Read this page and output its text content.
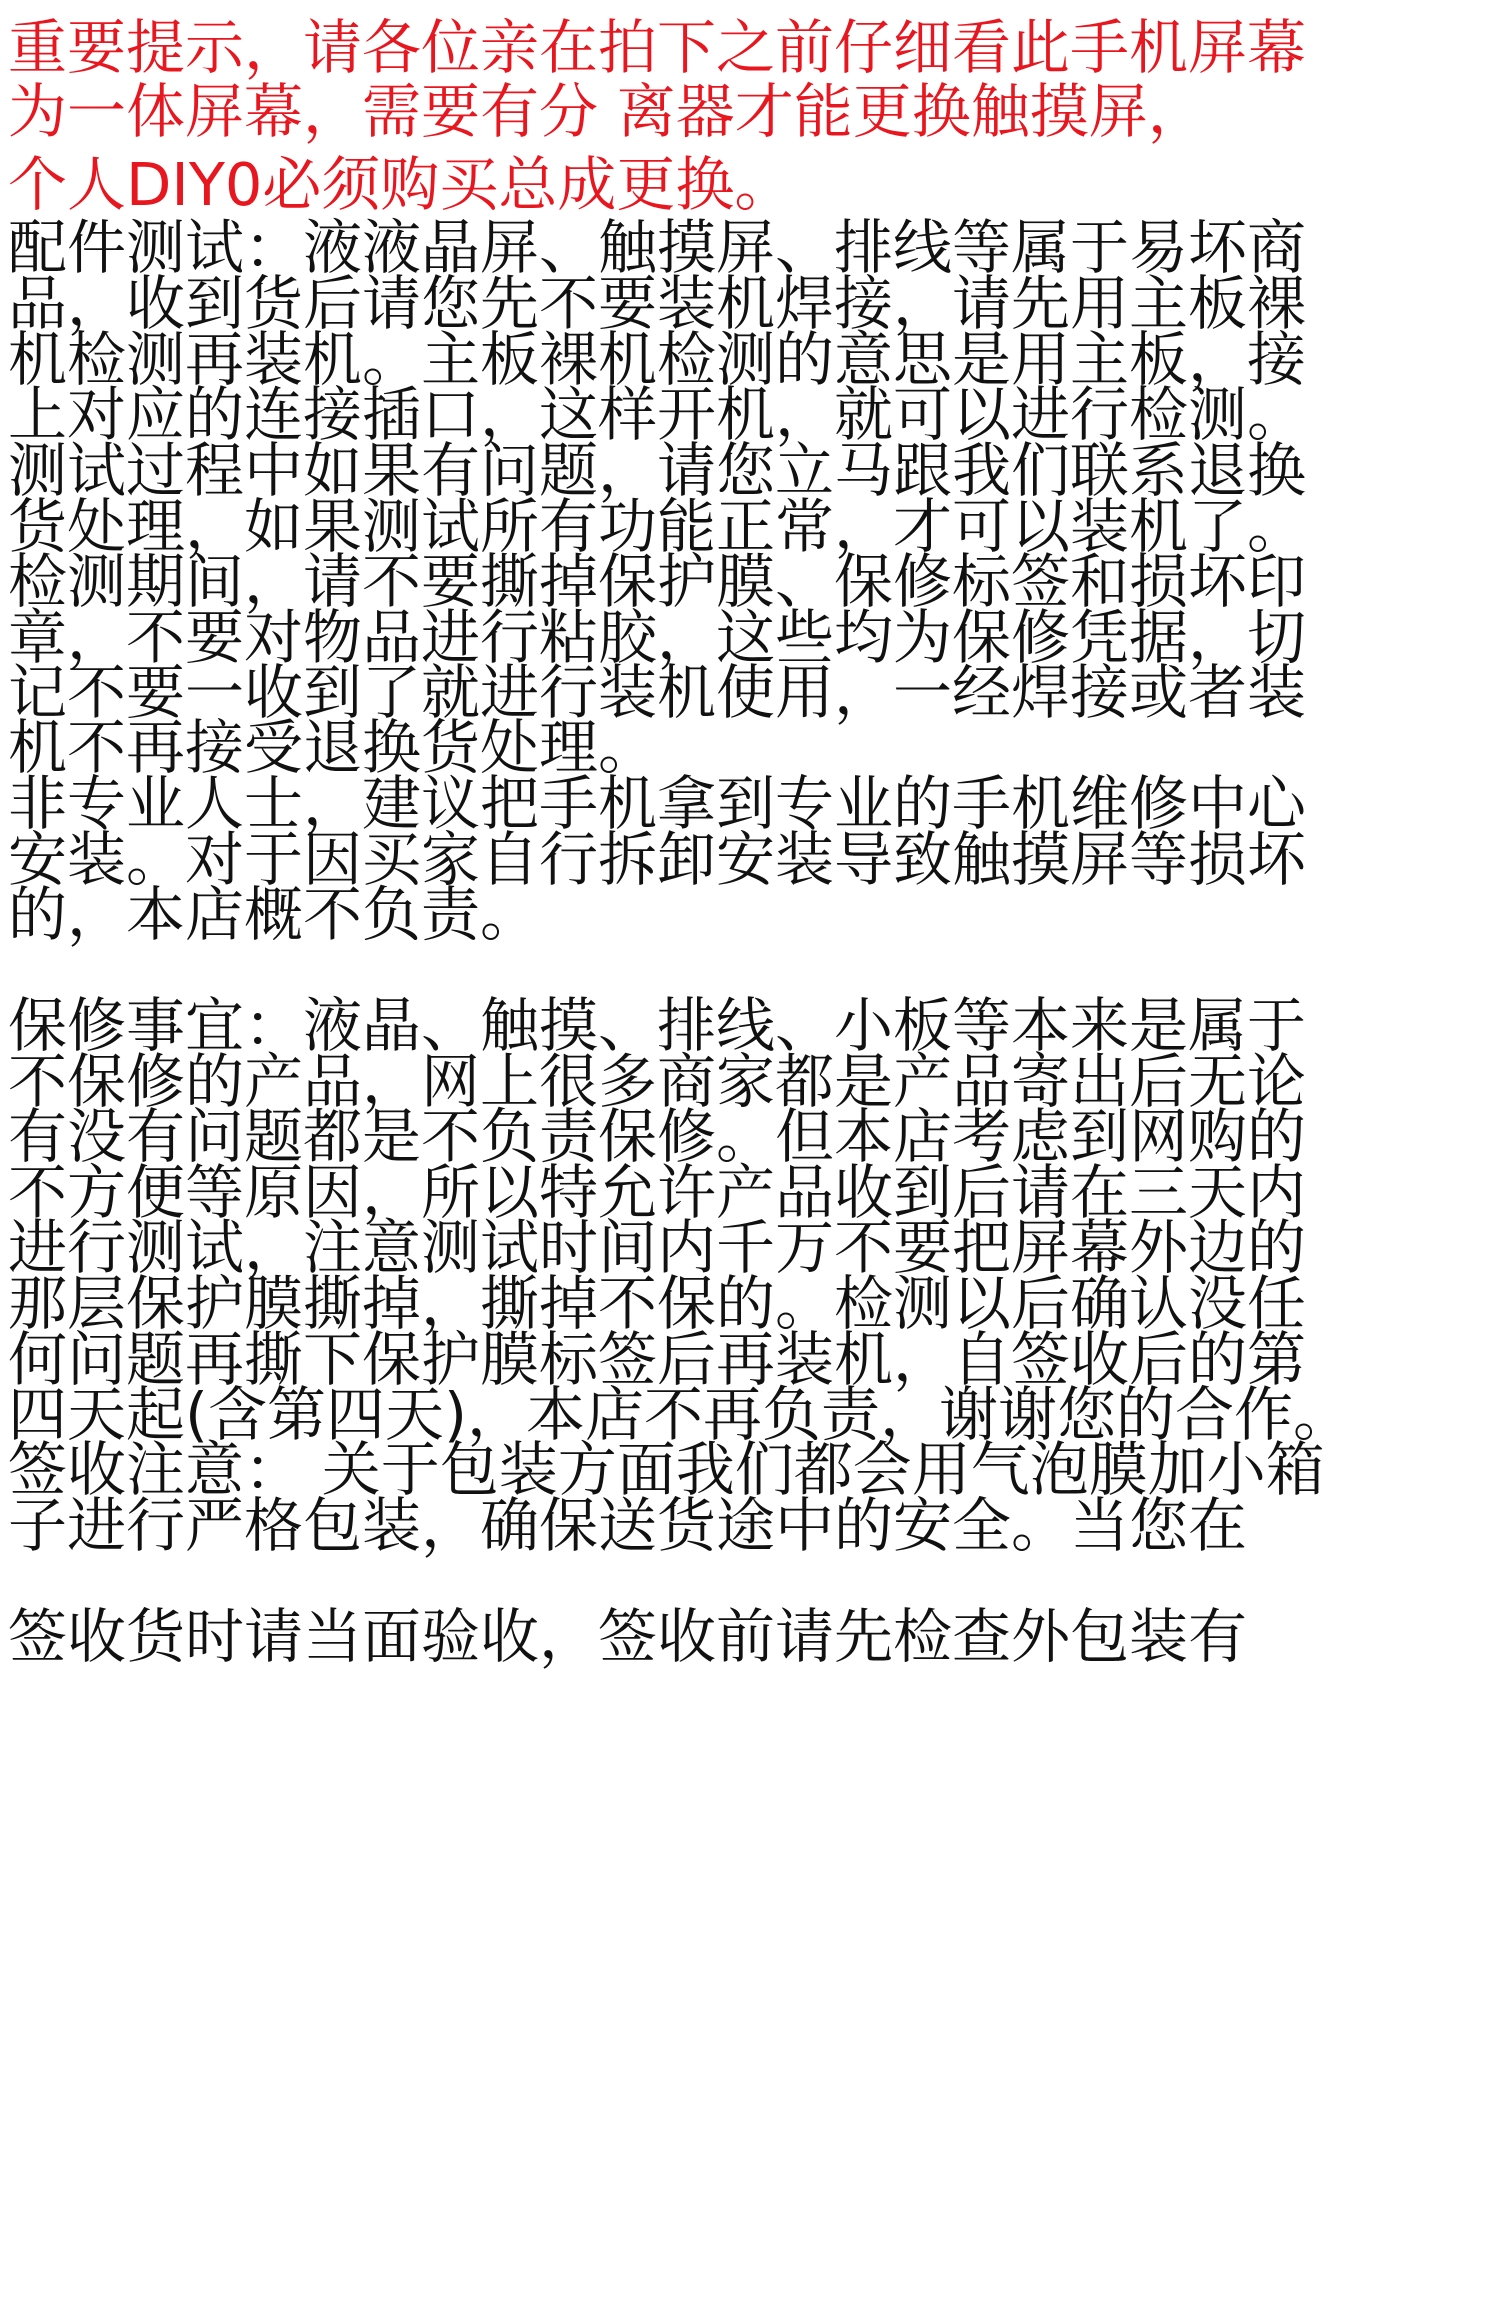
重要提示，请各位亲在拍下之前仔细看此手机屏幕
为一体屏幕，需要有分 离器才能更换触摸屏，
个人DIY0必须购买总成更换。
配件测试：液液晶屏、触摸屏、排线等属于易坏商
品，收到货后请您先不要装机焊接，请先用主板裸
机检测再装机。主板裸机检测的意思是用主板，接
上对应的连接插口，这样开机，就可以进行检测。
测试过程中如果有问题，请您立马跟我们联系退换
货处理，如果测试所有功能正常，才可以装机了。
检测期间，请不要撕掉保护膜、保修标签和损坏印
章，不要对物品进行粘胶，这些均为保修凭据，切
记不要一收到了就进行装机使用，一经焊接或者装
机不再接受退换货处理。
非专业人士，建议把手机拿到专业的手机维修中心
安装。对于因买家自行拆卸安装导致触摸屏等损坏
的，本店概不负责。
保修事宜：液晶、触摸、排线、小板等本来是属于
不保修的产品，网上很多商家都是产品寄出后无论
有没有问题都是不负责保修。但本店考虑到网购的
不方便等原因，所以特允许产品收到后请在三天内
进行测试，注意测试时间内千万不要把屏幕外边的
那层保护膜撕掉，撕掉不保的。检测以后确认没任
何问题再撕下保护膜标签后再装机，自签收后的第
四天起(含第四天)，本店不再负责，谢谢您的合作。
签收注意： 关于包装方面我们都会用气泡膜加小箱
子进行严格包装，确保送货途中的安全。当您在
签收货时请当面验收，签收前请先检查外包装有
